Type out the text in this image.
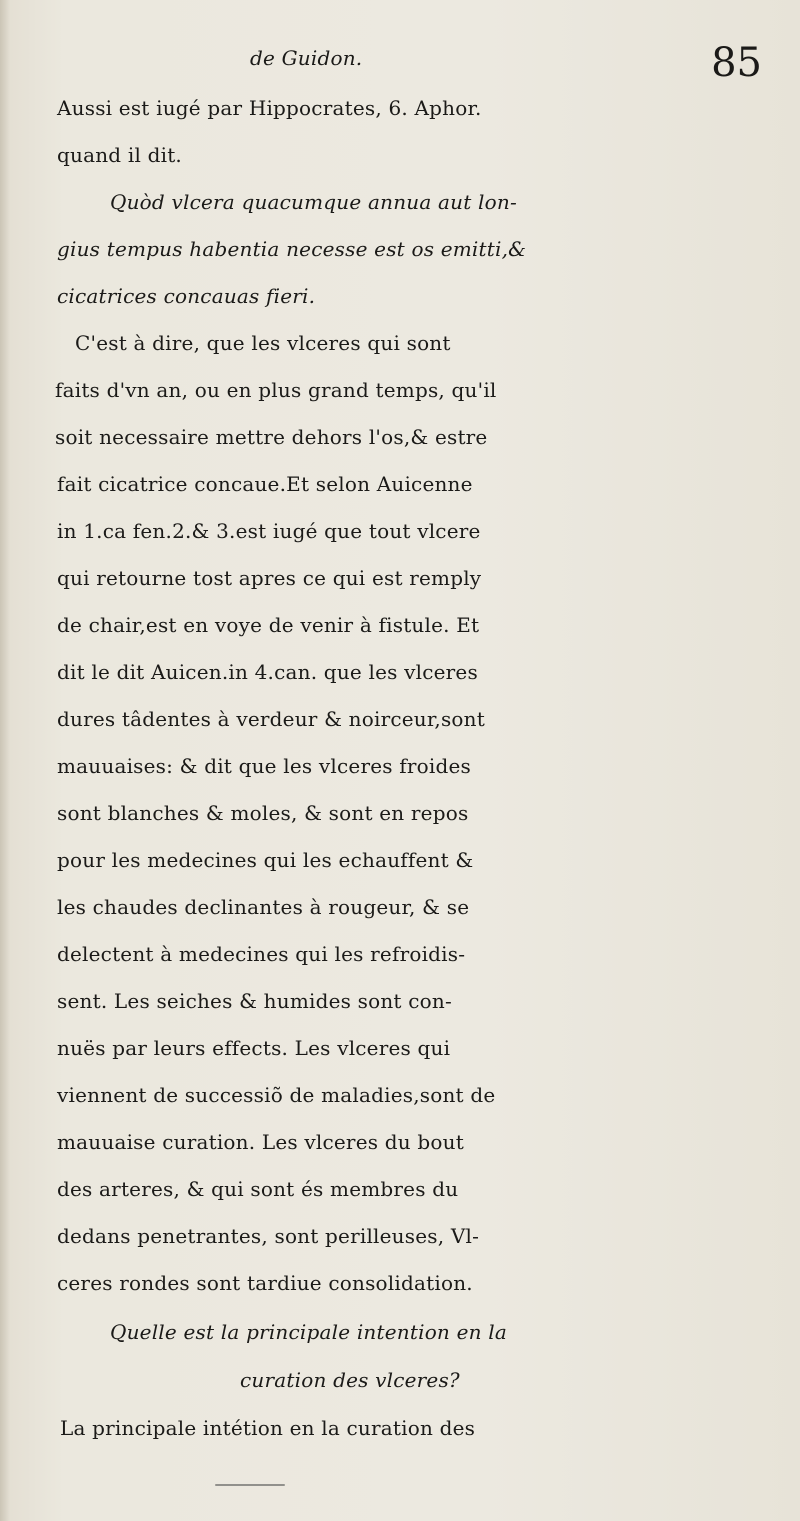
de Guidon.	85
Aussi est iugé par Hippocrates, 6. Aphor.
quand il dit.
Quòd vlcera quacumque annua aut lon-
gius tempus habentia necesse est os emitti,&
cicatrices concauas fieri.
C'est à dire, que les vlceres qui sont
faits d'vn an, ou en plus grand temps, qu'il
soit necessaire mettre dehors l'os,& estre
fait cicatrice concaue.Et selon Auicenne
in 1.ca fen.2.& 3.est iugé que tout vlcere
qui retourne tost apres ce qui est remply
de chair,est en voye de venir à fistule. Et
dit le dit Auicen.in 4.can. que les vlceres
dures tâdentes à verdeur & noirceur,sont
mauuaises: & dit que les vlceres froides
sont blanches & moles, & sont en repos
pour les medecines qui les echauffent &
les chaudes declinantes à rougeur, & se
delectent à medecines qui les refroidis-
sent. Les seiches & humides sont con-
nuës par leurs effects. Les vlceres qui
viennent de successiõ de maladies,sont de
mauuaise curation. Les vlceres du bout
des arteres, & qui sont és membres du
dedans penetrantes, sont perilleuses, Vl-
ceres rondes sont tardiue consolidation.
Quelle est la principale intention en la
curation des vlceres?
La principale intétion en la curation des
